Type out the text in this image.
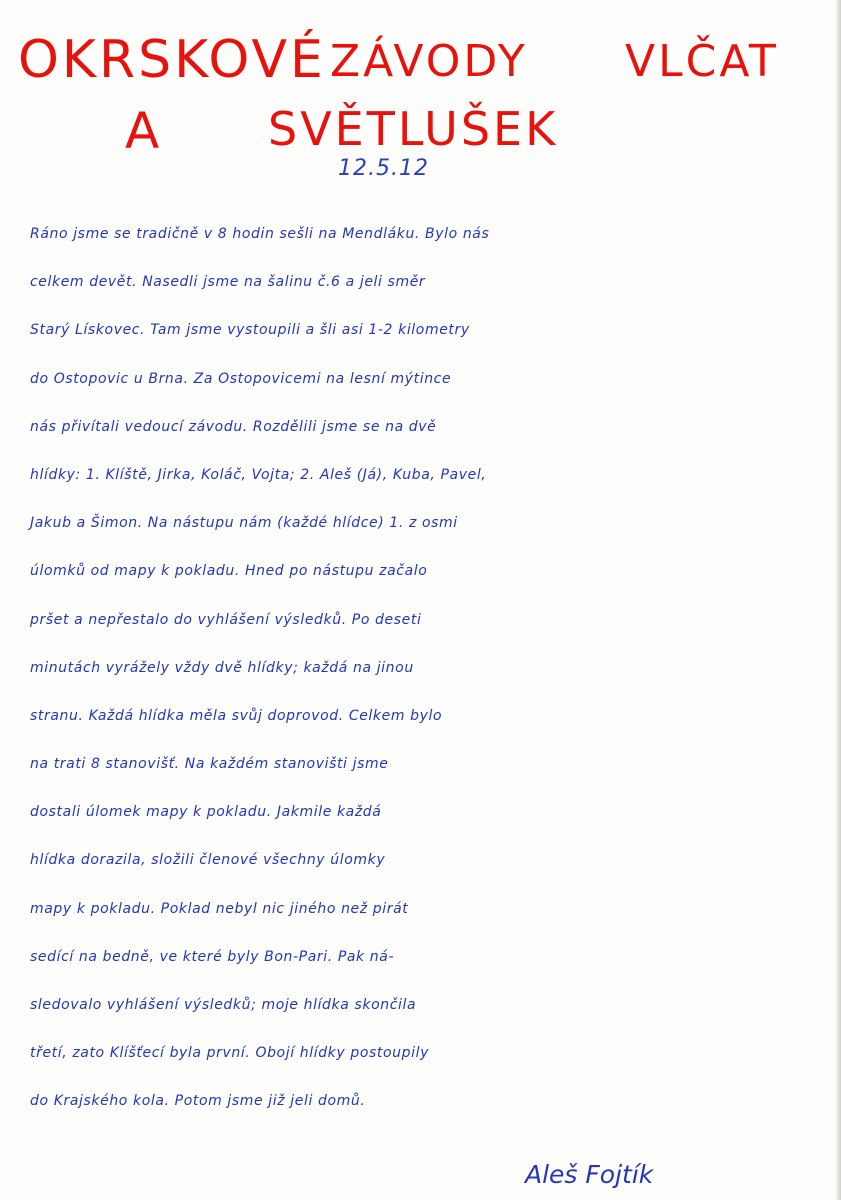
OKRSKOVÉ ZÁVODY VLČAT
A SVĚTLUŠEK
12.5.12
Ráno jsme se tradičně v 8 hodin sešli na Mendláku. Bylo nás
celkem devět. Nasedli jsme na šalinu č.6 a jeli směr
Starý Lískovec. Tam jsme vystoupili a šli asi 1-2 kilometry
do Ostopovic u Brna. Za Ostopovicemi na lesní mýtince
nás přivítali vedoucí závodu. Rozdělili jsme se na dvě
hlídky: 1. Klíště, Jirka, Koláč, Vojta; 2. Aleš (Já), Kuba, Pavel,
Jakub a Šimon. Na nástupu nám (každé hlídce) 1. z osmi
úlomků od mapy k pokladu. Hned po nástupu začalo
pršet a nepřestalo do vyhlášení výsledků. Po deseti
minutách vyrážely vždy dvě hlídky; každá na jinou
stranu. Každá hlídka měla svůj doprovod. Celkem bylo
na trati 8 stanovišť. Na každém stanovišti jsme
dostali úlomek mapy k pokladu. Jakmile každá
hlídka dorazila, složili členové všechny úlomky
mapy k pokladu. Poklad nebyl nic jiného než pirát
sedící na bedně, ve které byly Bon-Pari. Pak ná-
sledovalo vyhlášení výsledků; moje hlídka skončila
třetí, zato Klíšťecí byla první. Obojí hlídky postoupily
do Krajského kola. Potom jsme již jeli domů.
Aleš Fojtík
